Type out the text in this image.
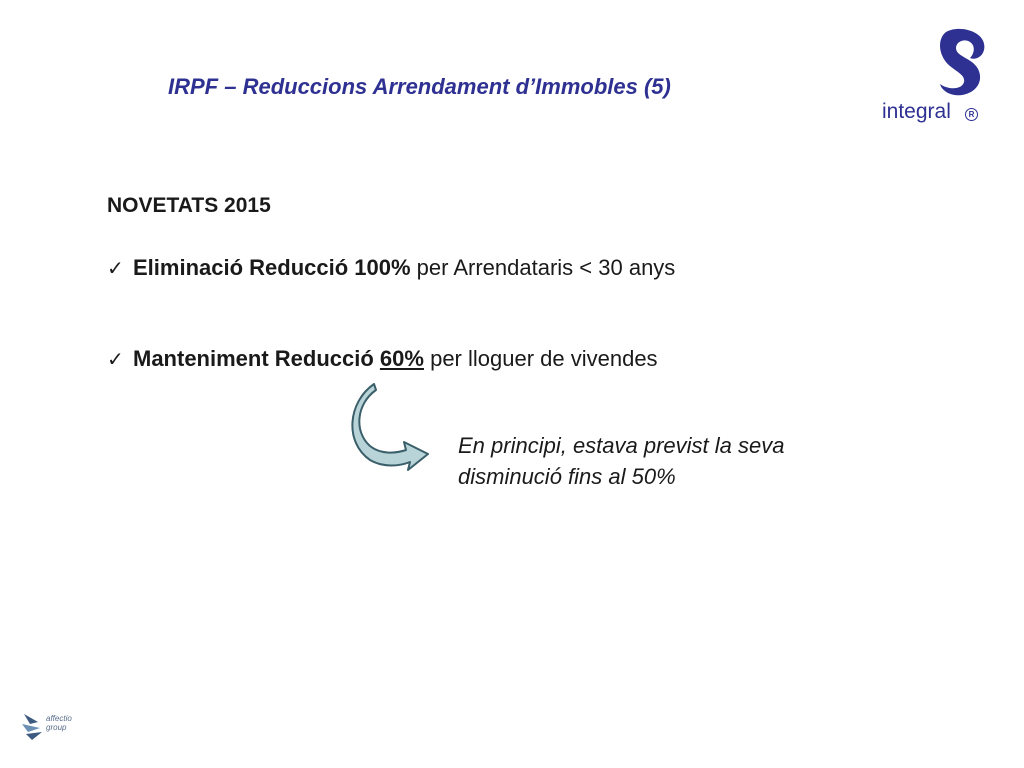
IRPF – Reduccions Arrendament d’Immobles (5)
integral	R
NOVETATS 2015
✓ Eliminació Reducció 100% per Arrendataris < 30 anys
✓ Manteniment Reducció 60% per lloguer de vivendes
En principi, estava previst la seva
disminució fins al 50%
affectio
group
